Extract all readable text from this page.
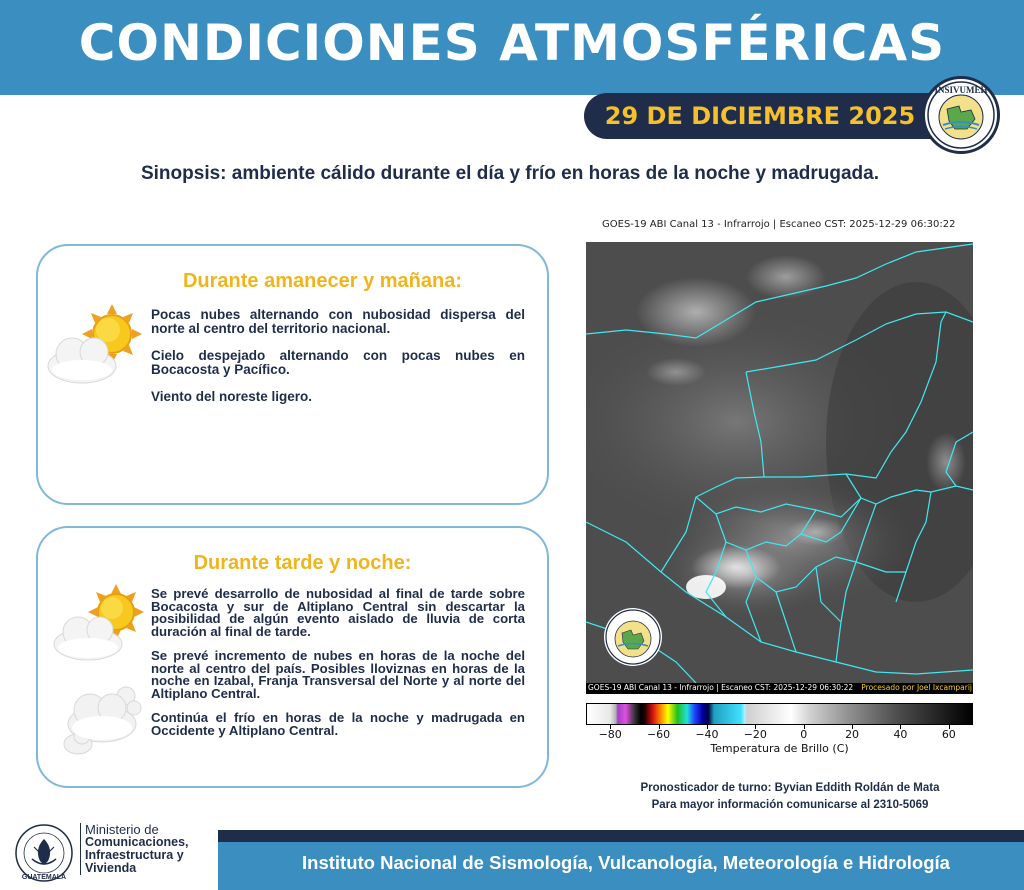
CONDICIONES ATMOSFÉRICAS
29 DE DICIEMBRE 2025
INSIVUMEH
Sinopsis: ambiente cálido durante el día y frío en horas de la noche y madrugada.
Durante amanecer y mañana:

Pocas nubes alternando con nubosidad dispersa del norte al centro del territorio nacional.

Cielo despejado alternando con pocas nubes en Bocacosta y Pacífico.

Viento del noreste ligero.

Durante tarde y noche:

Se prevé desarrollo de nubosidad al final de tarde sobre Bocacosta y sur de Altiplano Central sin descartar la posibilidad de algún evento aislado de lluvia de corta duración al final de tarde.

Se prevé incremento de nubes en horas de la noche del norte al centro del país. Posibles lloviznas en horas de la noche en Izabal, Franja Transversal del Norte y al norte del Altiplano Central.

Continúa el frío en horas de la noche y madrugada en Occidente y Altiplano Central.

GOES-19 ABI Canal 13 - Infrarrojo | Escaneo CST: 2025-12-29 06:30:22
GOES-19 ABI Canal 13 - Infrarrojo | Escaneo CST: 2025-12-29 06:30:22 Procesado por Joel Ixcamparij
−80	−60	−40	−20	0	20	40	60
Temperatura de Brillo (C)
Pronosticador de turno: Byvian Eddith Roldán de Mata
Para mayor información comunicarse al 2310-5069
GUATEMALA
Ministerio de
Comunicaciones,
Infraestructura y
Vivienda	Instituto Nacional de Sismología, Vulcanología, Meteorología e Hidrología
